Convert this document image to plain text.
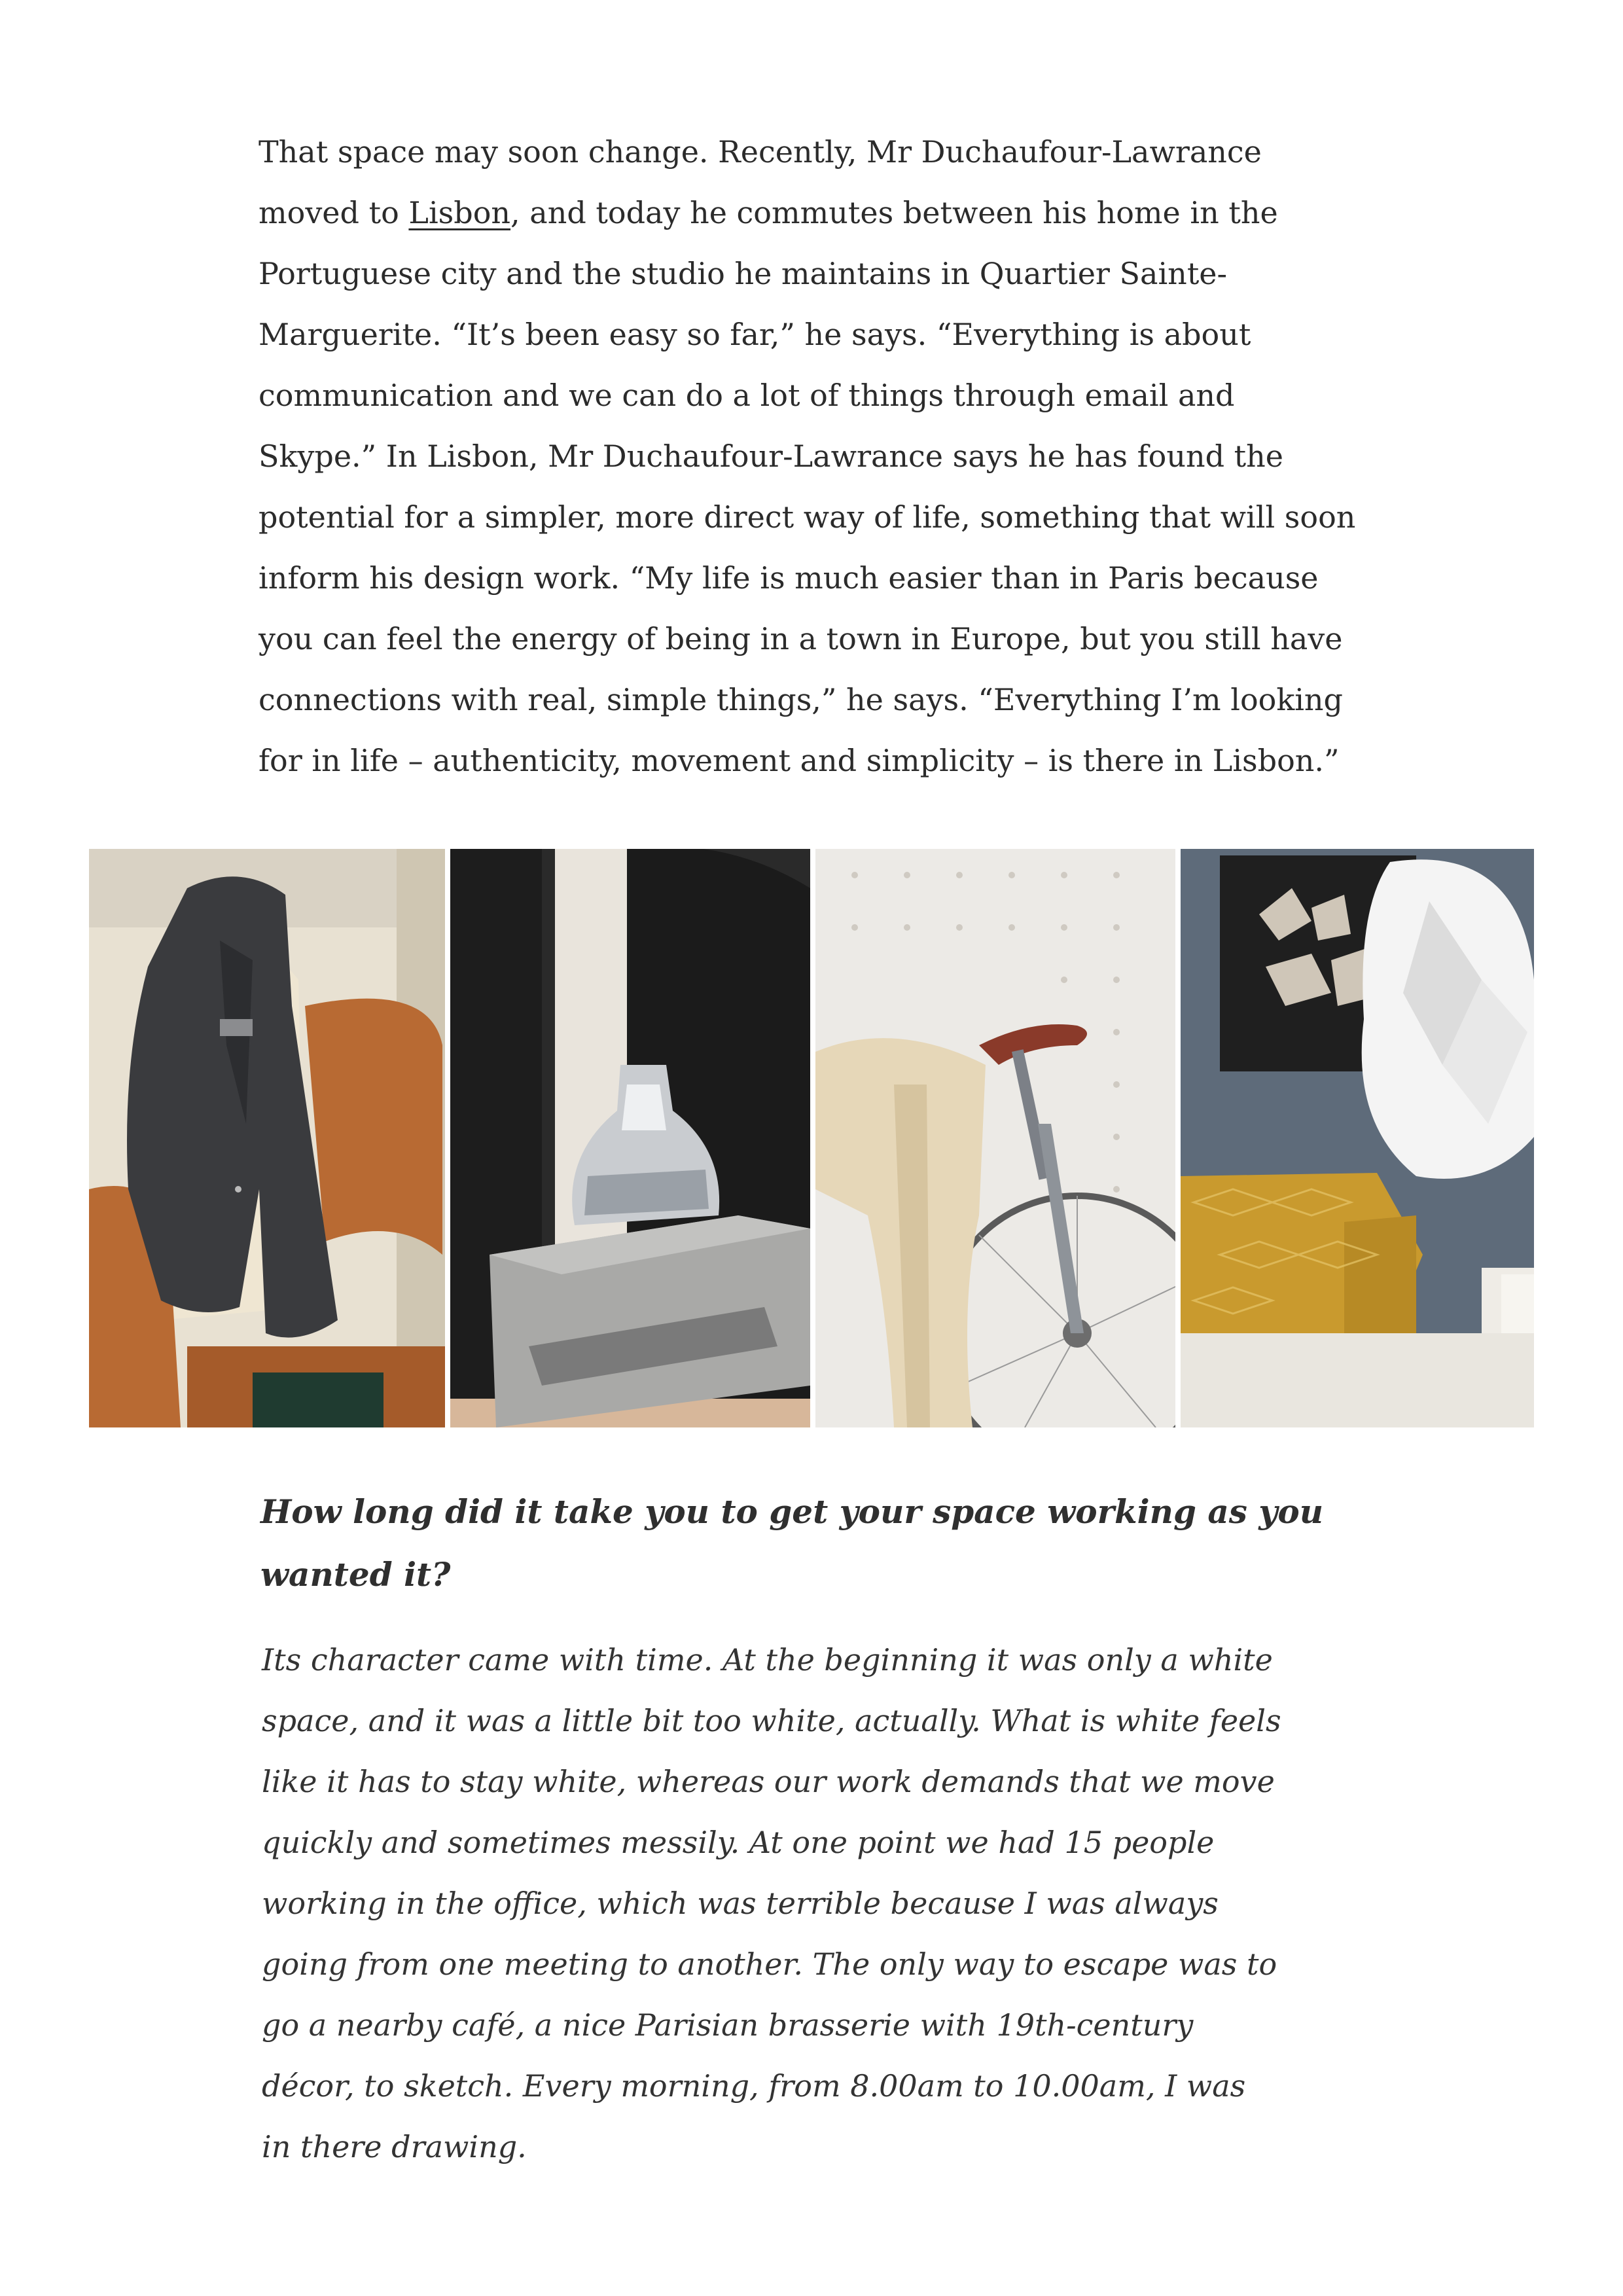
That space may soon change. Recently, Mr Duchaufour-Lawrance moved to Lisbon, and today he commutes between his home in the Portuguese city and the studio he maintains in Quartier Sainte-Marguerite. “It’s been easy so far,” he says. “Everything is about communication and we can do a lot of things through email and Skype.” In Lisbon, Mr Duchaufour-Lawrance says he has found the potential for a simpler, more direct way of life, something that will soon inform his design work. “My life is much easier than in Paris because you can feel the energy of being in a town in Europe, but you still have connections with real, simple things,” he says. “Everything I’m looking for in life – authenticity, movement and simplicity – is there in Lisbon.”

How long did it take you to get your space working as you wanted it?

Its character came with time. At the beginning it was only a white space, and it was a little bit too white, actually. What is white feels like it has to stay white, whereas our work demands that we move quickly and sometimes messily. At one point we had 15 people working in the office, which was terrible because I was always going from one meeting to another. The only way to escape was to go a nearby café, a nice Parisian brasserie with 19th-century décor, to sketch. Every morning, from 8.00am to 10.00am, I was in there drawing.
